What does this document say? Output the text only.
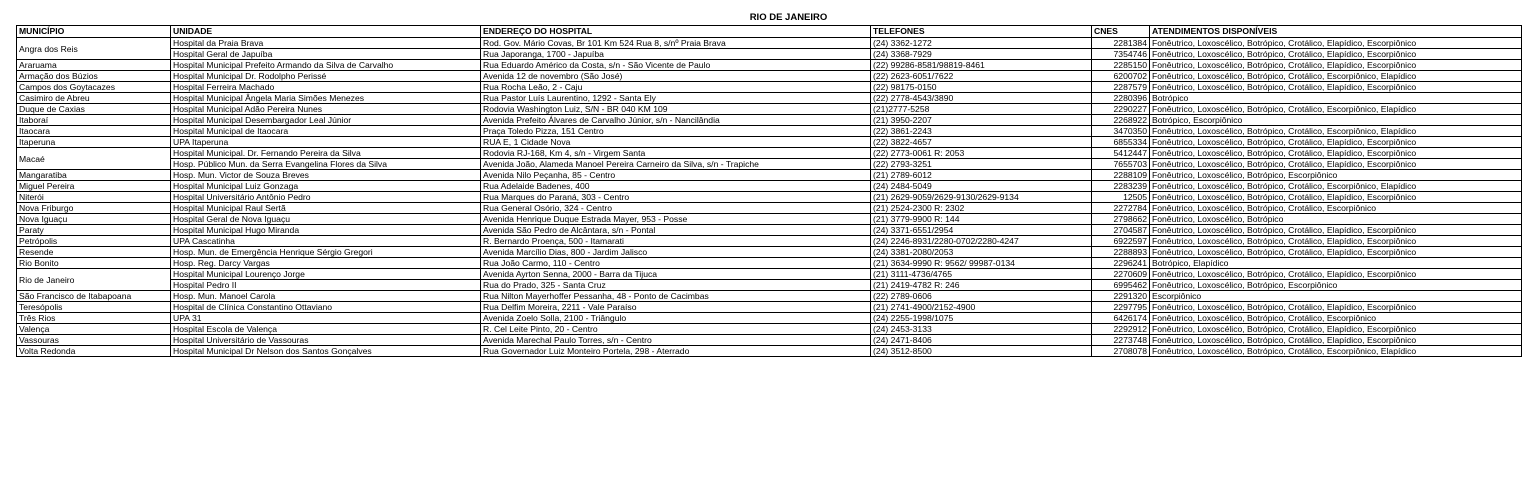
RIO DE JANEIRO
MUNICÍPIO	UNIDADE	ENDEREÇO DO HOSPITAL	TELEFONES	CNES	ATENDIMENTOS DISPONÍVEIS
Angra dos Reis	Hospital da Praia Brava	Rod. Gov. Mário Covas, Br 101 Km 524 Rua 8, s/nº Praia Brava	(24) 3362-1272	2281384	Fonêutrico, Loxoscélico, Botrópico, Crotálico, Elapídico, Escorpiônico
	Hospital Geral de Japuíba	Rua Japoranga, 1700 - Japuíba	(24) 3368-7929	7354746	Fonêutrico, Loxoscélico, Botrópico, Crotálico, Elapídico, Escorpiônico
Araruama	Hospital Municipal Prefeito Armando da Silva de Carvalho	Rua Eduardo Américo da Costa, s/n - São Vicente de Paulo	(22) 99286-8581/98819-8461	2285150	Fonêutrico, Loxoscélico, Botrópico, Crotálico, Elapídico, Escorpiônico
Armação dos Búzios	Hospital Municipal Dr. Rodolpho Perissé	Avenida 12 de novembro (São José)	(22) 2623-6051/7622	6200702	Fonêutrico, Loxoscélico, Botrópico, Crotálico, Escorpiônico, Elapídico
Campos dos Goytacazes	Hospital Ferreira Machado	Rua Rocha Leão, 2 - Caju	(22) 98175-0150	2287579	Fonêutrico, Loxoscélico, Botrópico, Crotálico, Elapídico, Escorpiônico
Casimiro de Abreu	Hospital Municipal Ângela Maria Simões Menezes	Rua Pastor Luís Laurentino, 1292 - Santa Ely	(22) 2778-4543/3890	2280396	Botrópico
Duque de Caxias	Hospital Municipal Adão Pereira Nunes	Rodovia Washington Luiz, S/N - BR 040 KM 109	(21)2777-5258	2290227	Fonêutrico, Loxoscélico, Botrópico, Crotálico, Escorpiônico, Elapídico
Itaboraí	Hospital Municipal Desembargador Leal Júnior	Avenida Prefeito Álvares de Carvalho Júnior, s/n - Nancilândia	(21) 3950-2207	2268922	Botrópico, Escorpiônico
Itaocara	Hospital Municipal de Itaocara	Praça Toledo Pizza, 151 Centro	(22) 3861-2243	3470350	Fonêutrico, Loxoscélico, Botrópico, Crotálico, Escorpiônico, Elapídico
Itaperuna	UPA Itaperuna	RUA E, 1 Cidade Nova	(22) 3822-4657	6855334	Fonêutrico, Loxoscélico, Botrópico, Crotálico, Elapídico, Escorpiônico
Macaé	Hospital Municipal. Dr. Fernando Pereira da Silva	Rodovia RJ-168, Km 4, s/n - Virgem Santa	(22) 2773-0061 R: 2053	5412447	Fonêutrico, Loxoscélico, Botrópico, Crotálico, Elapídico, Escorpiônico
	Hosp. Público Mun. da Serra Evangelina Flores da Silva	Avenida João, Alameda Manoel Pereira Carneiro da Silva, s/n - Trapiche	(22) 2793-3251	7655703	Fonêutrico, Loxoscélico, Botrópico, Crotálico, Elapídico, Escorpiônico
Mangaratiba	Hosp. Mun. Victor de Souza Breves	Avenida Nilo Peçanha, 85 - Centro	(21) 2789-6012	2288109	Fonêutrico, Loxoscélico, Botrópico, Escorpiônico
Miguel Pereira	Hospital Municipal Luiz Gonzaga	Rua Adelaide Badenes, 400	(24) 2484-5049	2283239	Fonêutrico, Loxoscélico, Botrópico, Crotálico, Escorpiônico, Elapídico
Niterói	Hospital Universitário Antônio Pedro	Rua Marques do Paraná, 303 - Centro	(21) 2629-9059/2629-9130/2629-9134	12505	Fonêutrico, Loxoscélico, Botrópico, Crotálico, Elapídico, Escorpiônico
Nova Friburgo	Hospital Municipal Raul Sertã	Rua General Osório, 324 - Centro	(21) 2524-2300 R: 2302	2272784	Fonêutrico, Loxoscélico, Botrópico, Crotálico, Escorpiônico
Nova Iguaçu	Hospital Geral de Nova Iguaçu	Avenida Henrique Duque Estrada Mayer, 953 - Posse	(21) 3779-9900 R: 144	2798662	Fonêutrico, Loxoscélico, Botrópico
Paraty	Hospital Municipal Hugo Miranda	Avenida São Pedro de Alcântara, s/n - Pontal	(24) 3371-6551/2954	2704587	Fonêutrico, Loxoscélico, Botrópico, Crotálico, Elapídico, Escorpiônico
Petrópolis	UPA Cascatinha	R. Bernardo Proença, 500 - Itamarati	(24) 2246-8931/2280-0702/2280-4247	6922597	Fonêutrico, Loxoscélico, Botrópico, Crotálico, Elapídico, Escorpiônico
Resende	Hosp. Mun. de Emergência Henrique Sérgio Gregori	Avenida Marcílio Dias, 800 - Jardim Jalisco	(24) 3381-2080/2053	2288893	Fonêutrico, Loxoscélico, Botrópico, Crotálico, Elapídico, Escorpiônico
Rio Bonito	Hosp. Reg. Darcy Vargas	Rua João Carmo, 110 - Centro	(21) 3634-9990 R: 9562/ 99987-0134	2296241	Botrópico, Elapídico
Rio de Janeiro	Hospital Municipal Lourenço Jorge	Avenida Ayrton Senna, 2000 - Barra da Tijuca	(21) 3111-4736/4765	2270609	Fonêutrico, Loxoscélico, Botrópico, Crotálico, Elapídico, Escorpiônico
	Hospital Pedro II	Rua do Prado, 325 - Santa Cruz	(21) 2419-4782 R: 246	6995462	Fonêutrico, Loxoscélico, Botrópico, Escorpiônico
São Francisco de Itabapoana	Hosp. Mun. Manoel Carola	Rua Nilton Mayerhoffer Pessanha, 48 - Ponto de Cacimbas	(22) 2789-0606	2291320	Escorpiônico
Teresópolis	Hospital de Clínica Constantino Ottaviano	Rua Delfim Moreira, 2211 - Vale Paraíso	(21) 2741-4900/2152-4900	2297795	Fonêutrico, Loxoscélico, Botrópico, Crotálico, Elapídico, Escorpiônico
Três Rios	UPA 31	Avenida Zoelo Solla, 2100 - Triângulo	(24) 2255-1998/1075	6426174	Fonêutrico, Loxoscélico, Botrópico, Crotálico, Escorpiônico
Valença	Hospital Escola de Valença	R. Cel Leite Pinto, 20 - Centro	(24) 2453-3133	2292912	Fonêutrico, Loxoscélico, Botrópico, Crotálico, Elapídico, Escorpiônico
Vassouras	Hospital Universitário de Vassouras	Avenida Marechal Paulo Torres, s/n - Centro	(24) 2471-8406	2273748	Fonêutrico, Loxoscélico, Botrópico, Crotálico, Elapídico, Escorpiônico
Volta Redonda	Hospital Municipal Dr Nelson dos Santos Gonçalves	Rua Governador Luiz Monteiro Portela, 298 - Aterrado	(24) 3512-8500	2708078	Fonêutrico, Loxoscélico, Botrópico, Crotálico, Escorpiônico, Elapídico
